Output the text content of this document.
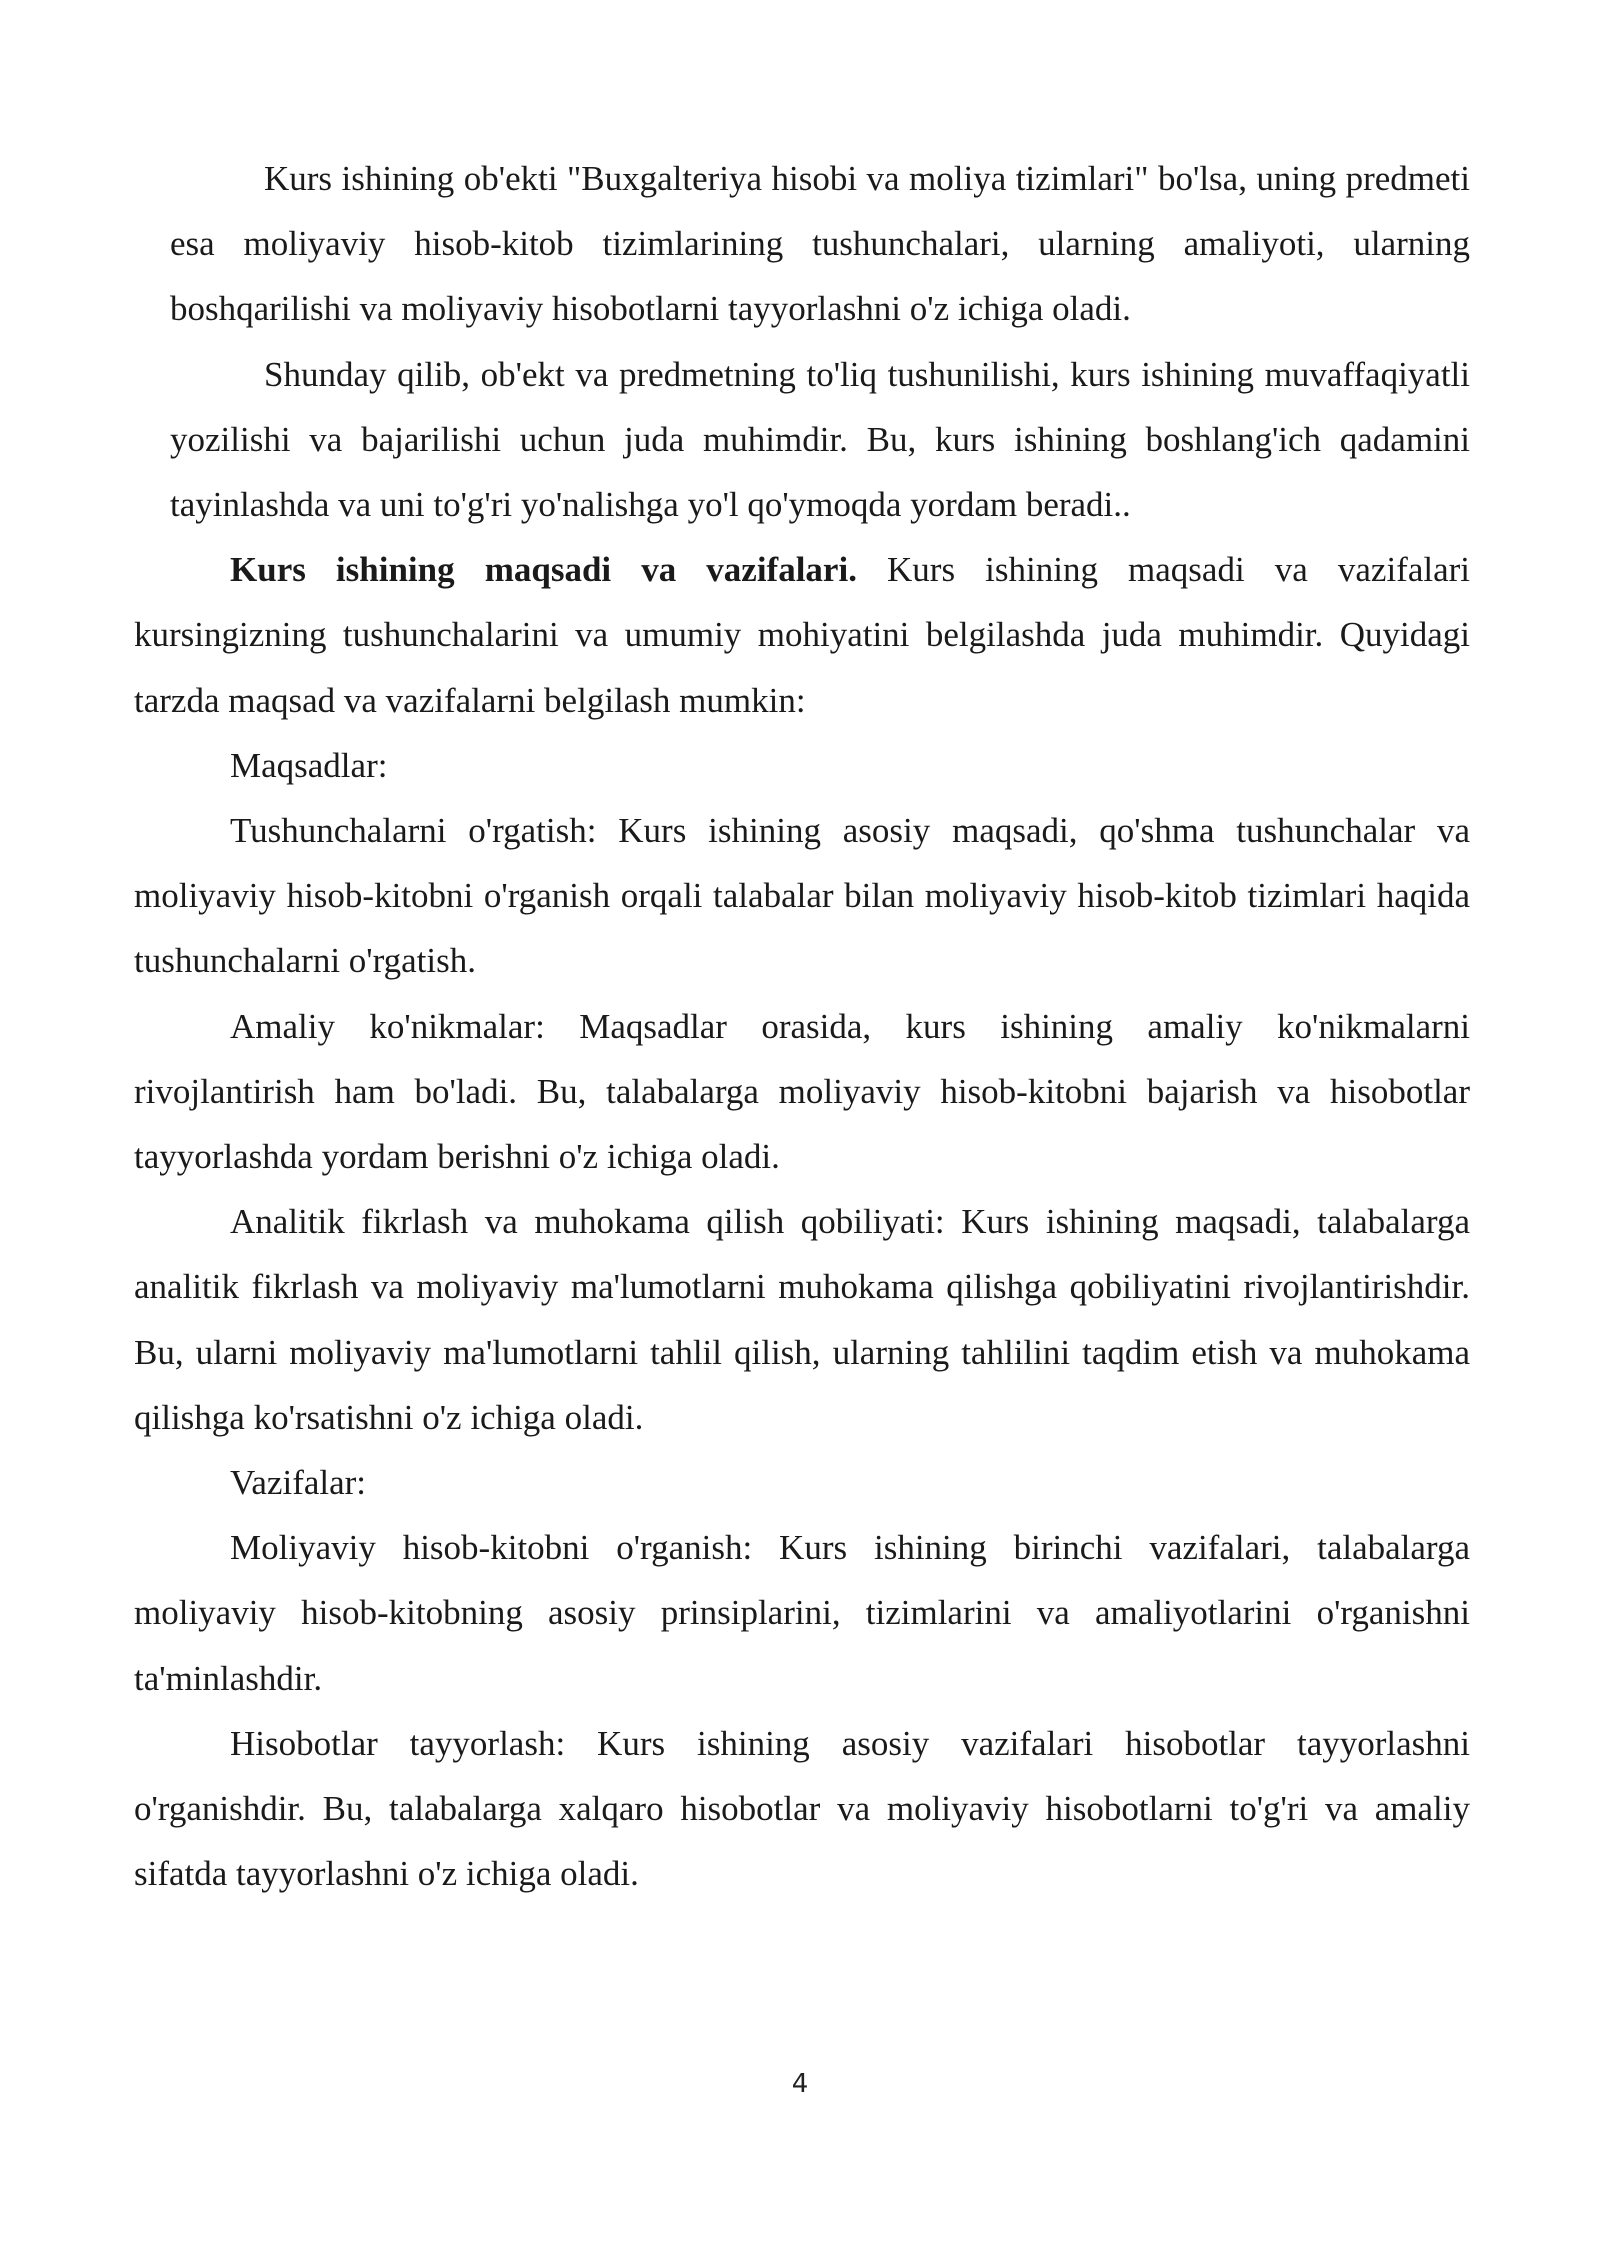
Kurs ishining ob'ekti "Buxgalteriya hisobi va moliya tizimlari" bo'lsa, uning predmeti esa moliyaviy hisob-kitob tizimlarining tushunchalari, ularning amaliyoti, ularning boshqarilishi va moliyaviy hisobotlarni tayyorlashni o'z ichiga oladi.

Shunday qilib, ob'ekt va predmetning to'liq tushunilishi, kurs ishining muvaffaqiyatli yozilishi va bajarilishi uchun juda muhimdir. Bu, kurs ishining boshlang'ich qadamini tayinlashda va uni to'g'ri yo'nalishga yo'l qo'ymoqda yordam beradi..

Kurs ishining maqsadi va vazifalari. Kurs ishining maqsadi va vazifalari kursingizning tushunchalarini va umumiy mohiyatini belgilashda juda muhimdir. Quyidagi tarzda maqsad va vazifalarni belgilash mumkin:

Maqsadlar:

Tushunchalarni o'rgatish: Kurs ishining asosiy maqsadi, qo'shma tushunchalar va moliyaviy hisob-kitobni o'rganish orqali talabalar bilan moliyaviy hisob-kitob tizimlari haqida tushunchalarni o'rgatish.

Amaliy ko'nikmalar: Maqsadlar orasida, kurs ishining amaliy ko'nikmalarni rivojlantirish ham bo'ladi. Bu, talabalarga moliyaviy hisob-kitobni bajarish va hisobotlar tayyorlashda yordam berishni o'z ichiga oladi.

Analitik fikrlash va muhokama qilish qobiliyati: Kurs ishining maqsadi, talabalarga analitik fikrlash va moliyaviy ma'lumotlarni muhokama qilishga qobiliyatini rivojlantirishdir. Bu, ularni moliyaviy ma'lumotlarni tahlil qilish, ularning tahlilini taqdim etish va muhokama qilishga ko'rsatishni o'z ichiga oladi.

Vazifalar:

Moliyaviy hisob-kitobni o'rganish: Kurs ishining birinchi vazifalari, talabalarga moliyaviy hisob-kitobning asosiy prinsiplarini, tizimlarini va amaliyotlarini o'rganishni ta'minlashdir.

Hisobotlar tayyorlash: Kurs ishining asosiy vazifalari hisobotlar tayyorlashni o'rganishdir. Bu, talabalarga xalqaro hisobotlar va moliyaviy hisobotlarni to'g'ri va amaliy sifatda tayyorlashni o'z ichiga oladi.

4
